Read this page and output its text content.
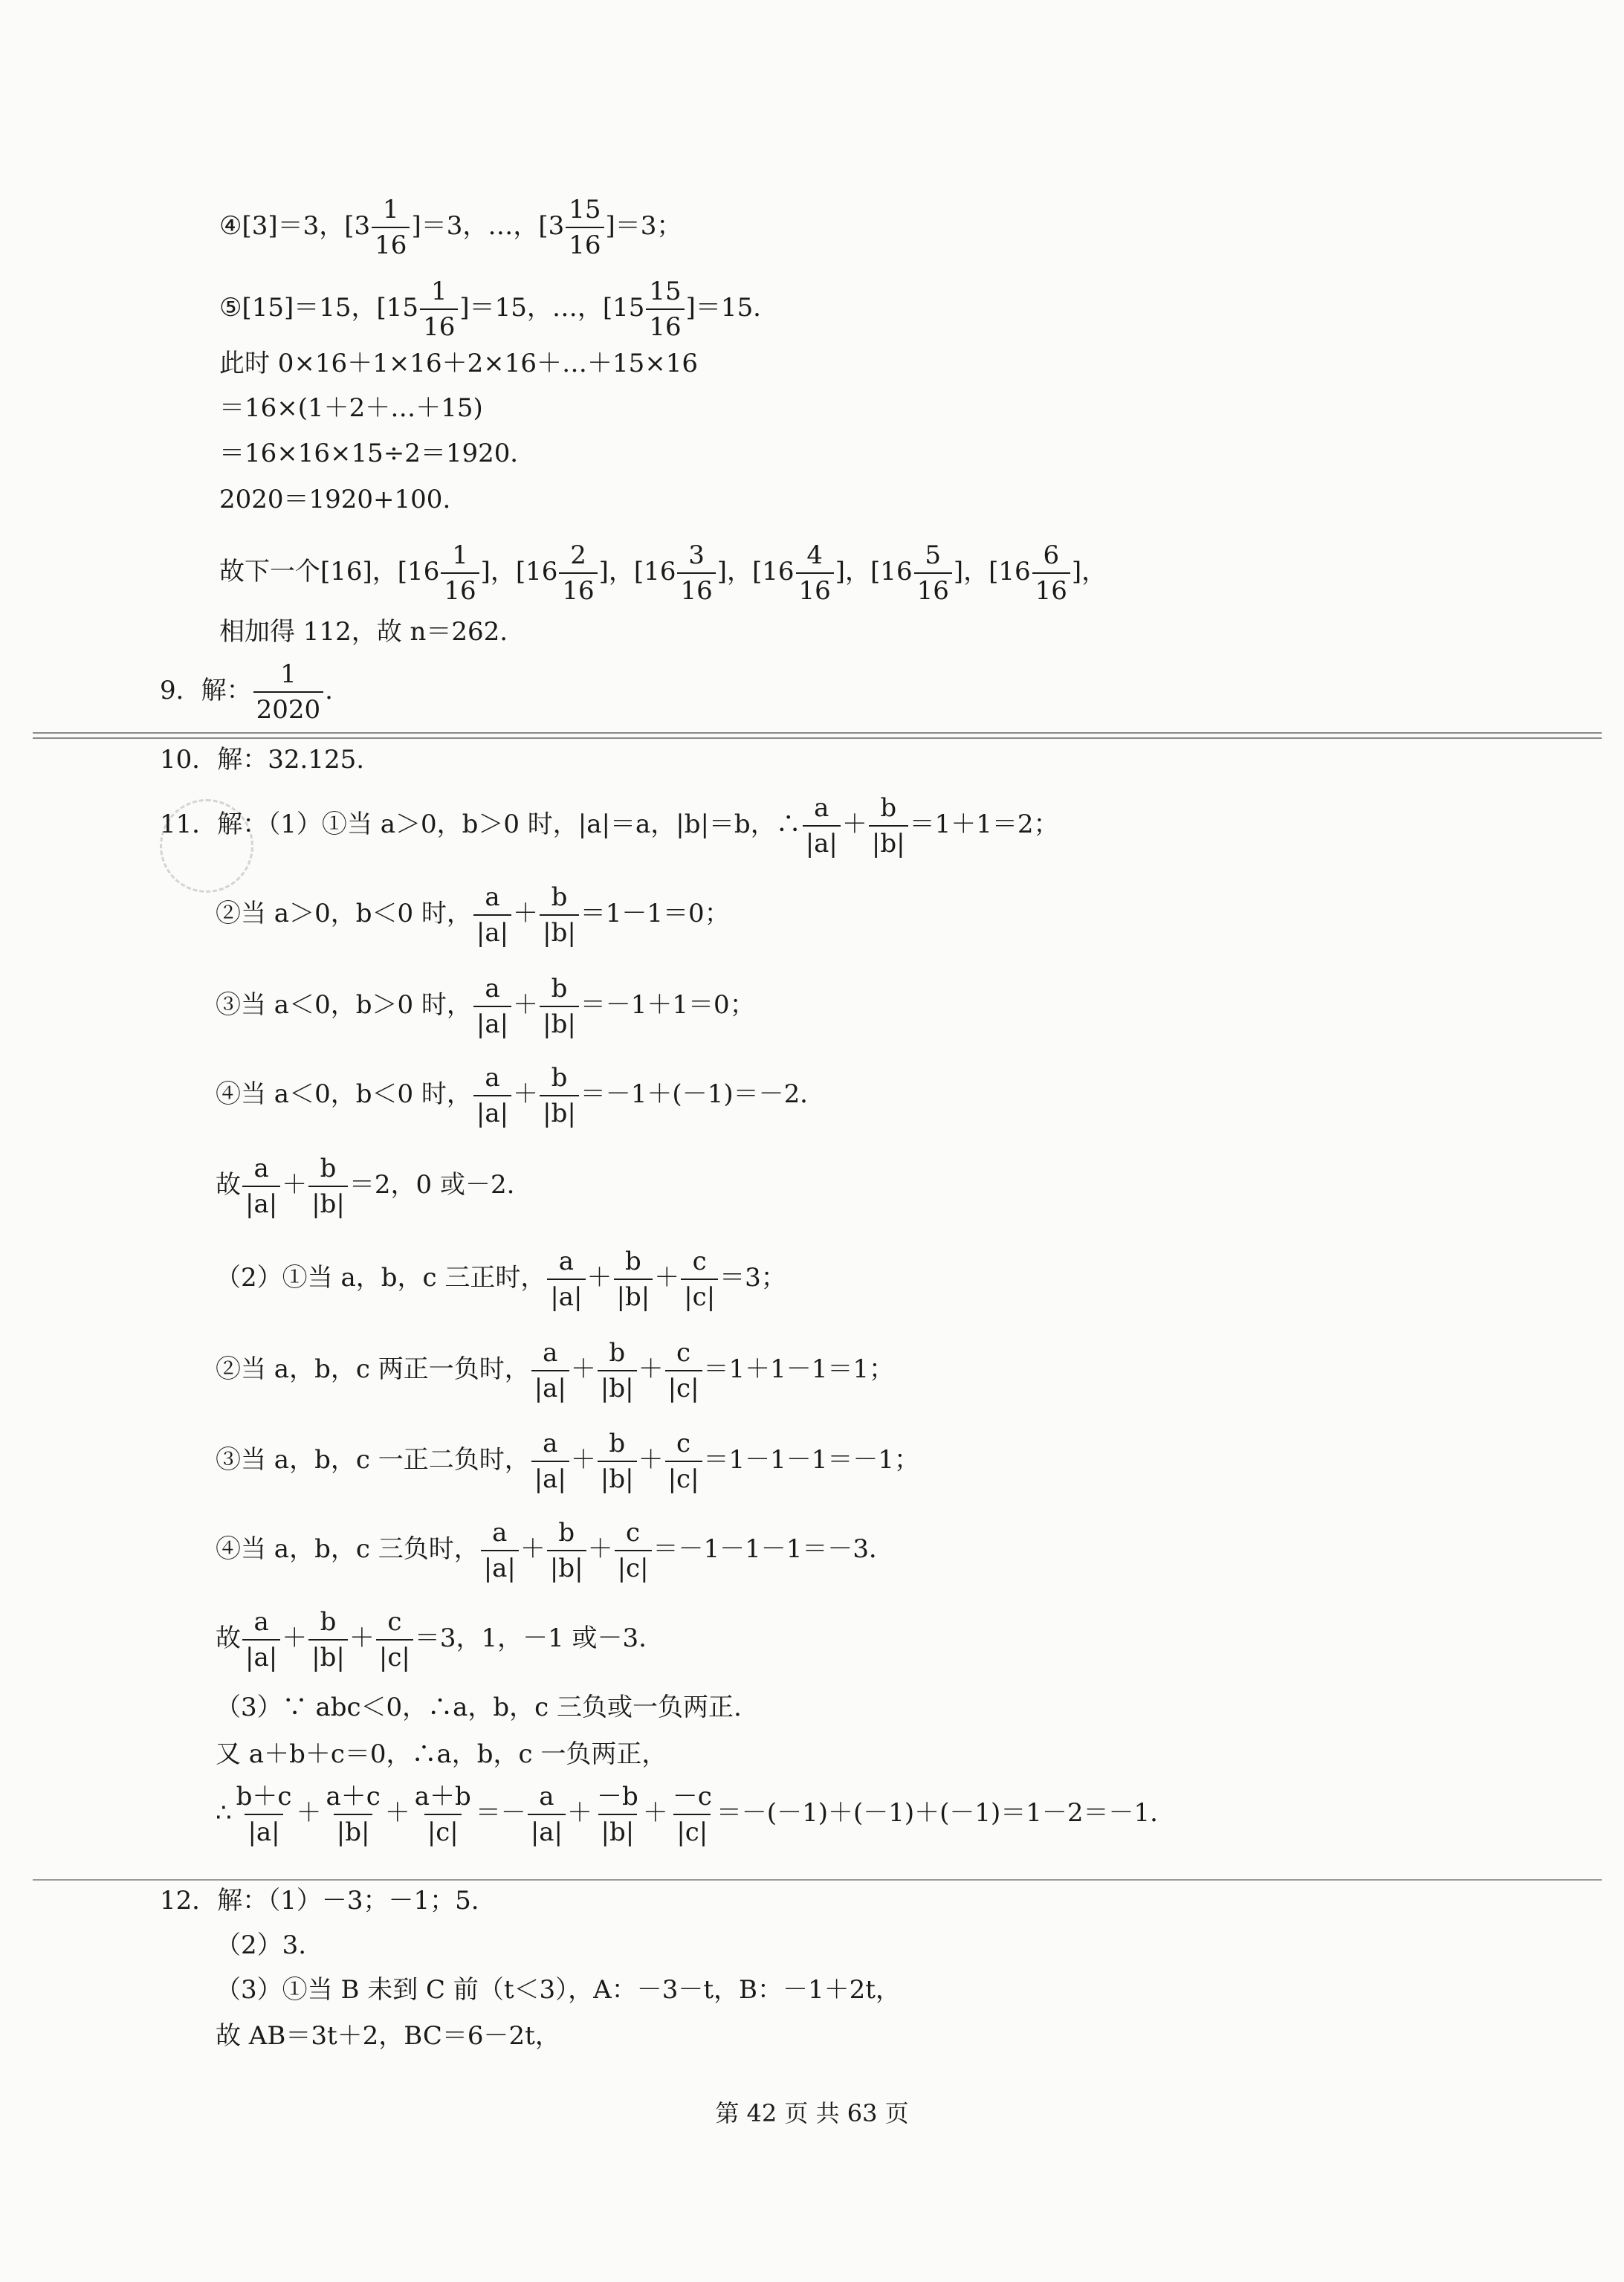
④[3]＝3，$[3 \frac{1}{16} ]=3$，…，$[3 \frac{15}{16} ]=3$；
⑤[15]＝15，$[15 \frac{1}{16} ]=15$，…，$[15 \frac{15}{16} ]=15$．
此时 0×16＋1×16＋2×16＋…＋15×16
＝16×(1＋2＋…＋15)
＝16×16×15÷2＝1920．
2020＝1920+100.
故下一个[16]，[$16 \frac{1}{16}$ ]，[$16 \frac{2}{16}$ ]，[$16 \frac{3}{16}$ ]，[$16 \frac{4}{16}$ ]，[$16 \frac{5}{16}$ ]，[$16 \frac{6}{16}$ ]，
相加得 112，故 n＝262.
9．解： $\frac{1}{2020}$ .
10．解：32.125.
11．解：（1）①当 a＞0，b＞0 时，|a|＝a，|b|＝b，∴ $\frac{a}{|a|} + \frac{b}{|b|} =1+1=2$；
②当 a＞0，b＜0 时， $\frac{a}{|a|} + \frac{b}{|b|} =1-1=0$；
③当 a＜0，b＞0 时， $\frac{a}{|a|} + \frac{b}{|b|} =-1+1=0$；
④当 a＜0，b＜0 时， $\frac{a}{|a|} + \frac{b}{|b|} =-1+(-1)=-2$．
故 $\frac{a}{|a|} + \frac{b}{|b|} =2$，0 或－2.
（2）①当 a，b，c 三正时， $\frac{a}{|a|} + \frac{b}{|b|} + \frac{c}{|c|} =3$；
②当 a，b，c 两正一负时， $\frac{a}{|a|} + \frac{b}{|b|} + \frac{c}{|c|} =1+1-1=1$；
③当 a，b，c 一正二负时， $\frac{a}{|a|} + \frac{b}{|b|} + \frac{c}{|c|} =1-1-1=-1$；
④当 a，b，c 三负时， $\frac{a}{|a|} + \frac{b}{|b|} + \frac{c}{|c|} =-1-1-1=-3$．
故 $\frac{a}{|a|} + \frac{b}{|b|} + \frac{c}{|c|} =3$，1，－1 或－3.
（3）∵ abc＜0，∴a，b，c 三负或一负两正.
又 a＋b＋c＝0，∴a，b，c 一负两正，
∴ $\frac{b+c}{|a|} + \frac{a+c}{|b|} + \frac{a+b}{|c|} =- \frac{a}{|a|} + \frac{-b}{|b|} + \frac{-c}{|c|} =-(-1)+(-1)+(-1)=1-2=-1$．
12．解：（1）－3；－1；5.
（2）3.
（3）①当 B 未到 C 前（t＜3），A：－3－t，B：－1＋2t，
故 AB＝3t＋2，BC＝6－2t，
第 42 页 共 63 页
